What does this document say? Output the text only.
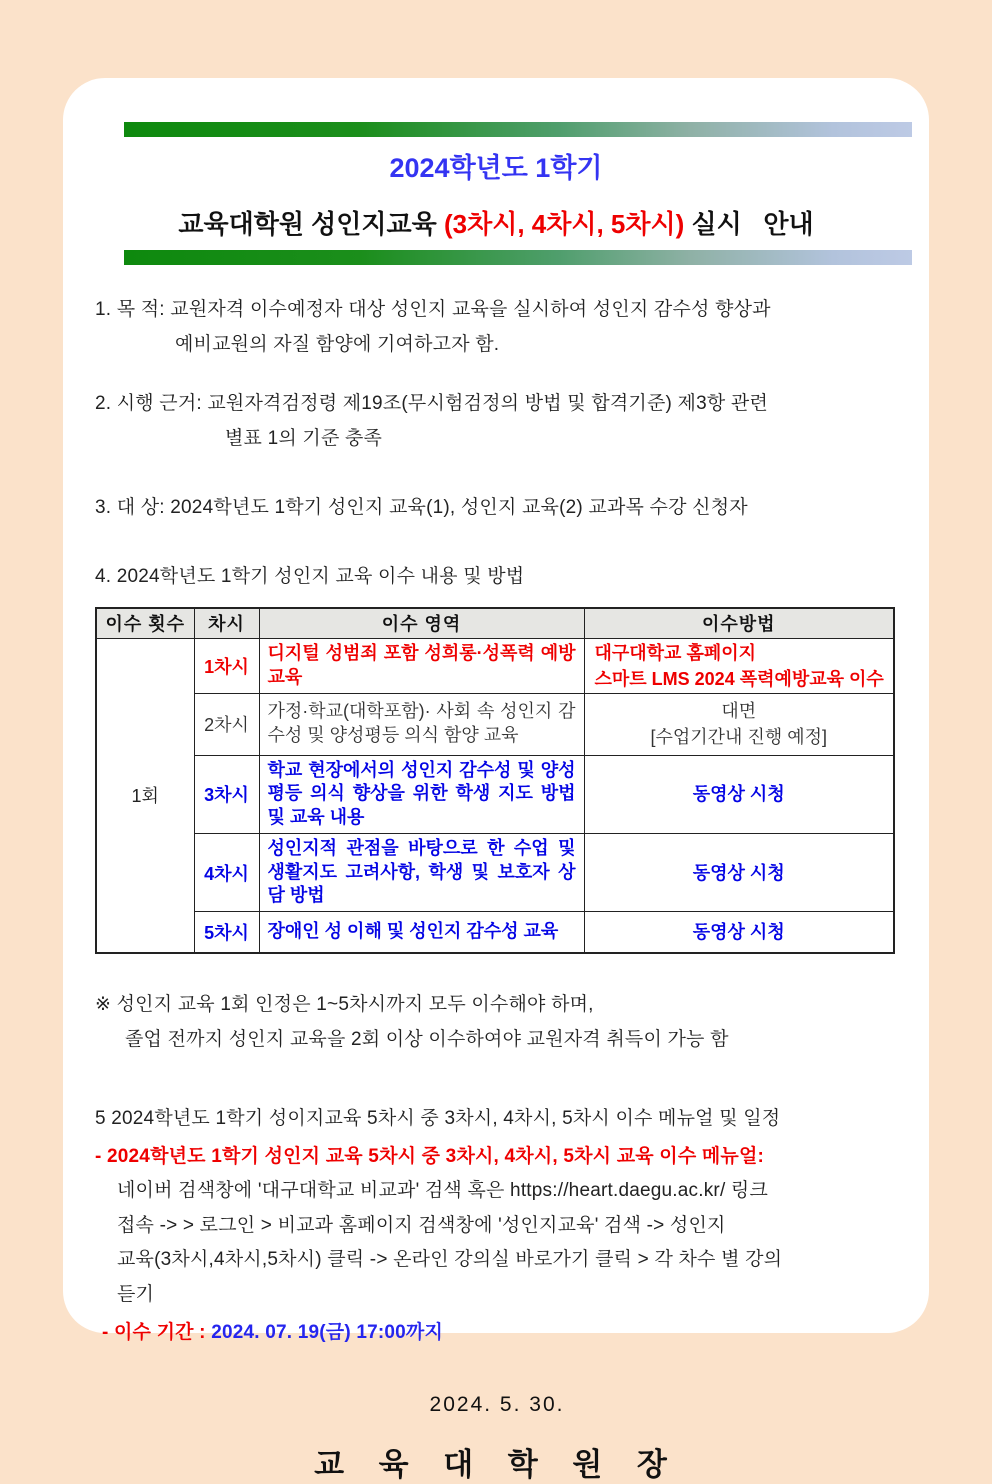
2024학년도 1학기
교육대학원 성인지교육 (3차시, 4차시, 5차시) 실시   안내
1. 목 적: 교원자격 이수예정자 대상 성인지 교육을 실시하여 성인지 감수성 향상과
예비교원의 자질 함양에 기여하고자 함.
2. 시행 근거: 교원자격검정령 제19조(무시험검정의 방법 및 합격기준) 제3항 관련
별표 1의 기준 충족
3. 대 상: 2024학년도 1학기 성인지 교육(1), 성인지 교육(2) 교과목 수강 신청자
4. 2024학년도 1학기 성인지 교육 이수 내용 및 방법
이수 횟수	차시	이수 영역	이수방법
1회	1차시	디지털 성범죄 포함 성희롱·성폭력 예방교육	대구대학교 홈페이지
스마트 LMS 2024 폭력예방교육 이수

	2차시	가정·학교(대학포함)· 사회 속 성인지 감수성 및 양성평등 의식 함양 교육	대면
[수업기간내 진행 예정]

	3차시	학교 현장에서의 성인지 감수성 및 양성평등 의식 향상을 위한 학생 지도 방법 및 교육 내용	동영상 시청
	4차시	성인지적 관점을 바탕으로 한 수업 및 생활지도 고려사항, 학생 및 보호자 상담 방법	동영상 시청
	5차시	장애인 성 이해 및 성인지 감수성 교육	동영상 시청
※ 성인지 교육 1회 인정은 1~5차시까지 모두 이수해야 하며,
졸업 전까지 성인지 교육을 2회 이상 이수하여야 교원자격 취득이 가능 함
5 2024학년도 1학기 성이지교육 5차시 중 3차시, 4차시, 5차시 이수 메뉴얼 및 일정
- 2024학년도 1학기 성인지 교육 5차시 중 3차시, 4차시, 5차시 교육 이수 메뉴얼:
네이버 검색창에 '대구대학교 비교과' 검색 혹은 https://heart.daegu.ac.kr/ 링크
접속 -> > 로그인 > 비교과 홈페이지 검색창에 '성인지교육' 검색 -> 성인지
교육(3차시,4차시,5차시) 클릭 -> 온라인 강의실 바로가기 클릭 > 각 차수 별 강의
듣기
- 이수 기간 : 2024. 07. 19(금) 17:00까지
2024. 5. 30.
교 육 대 학 원 장
